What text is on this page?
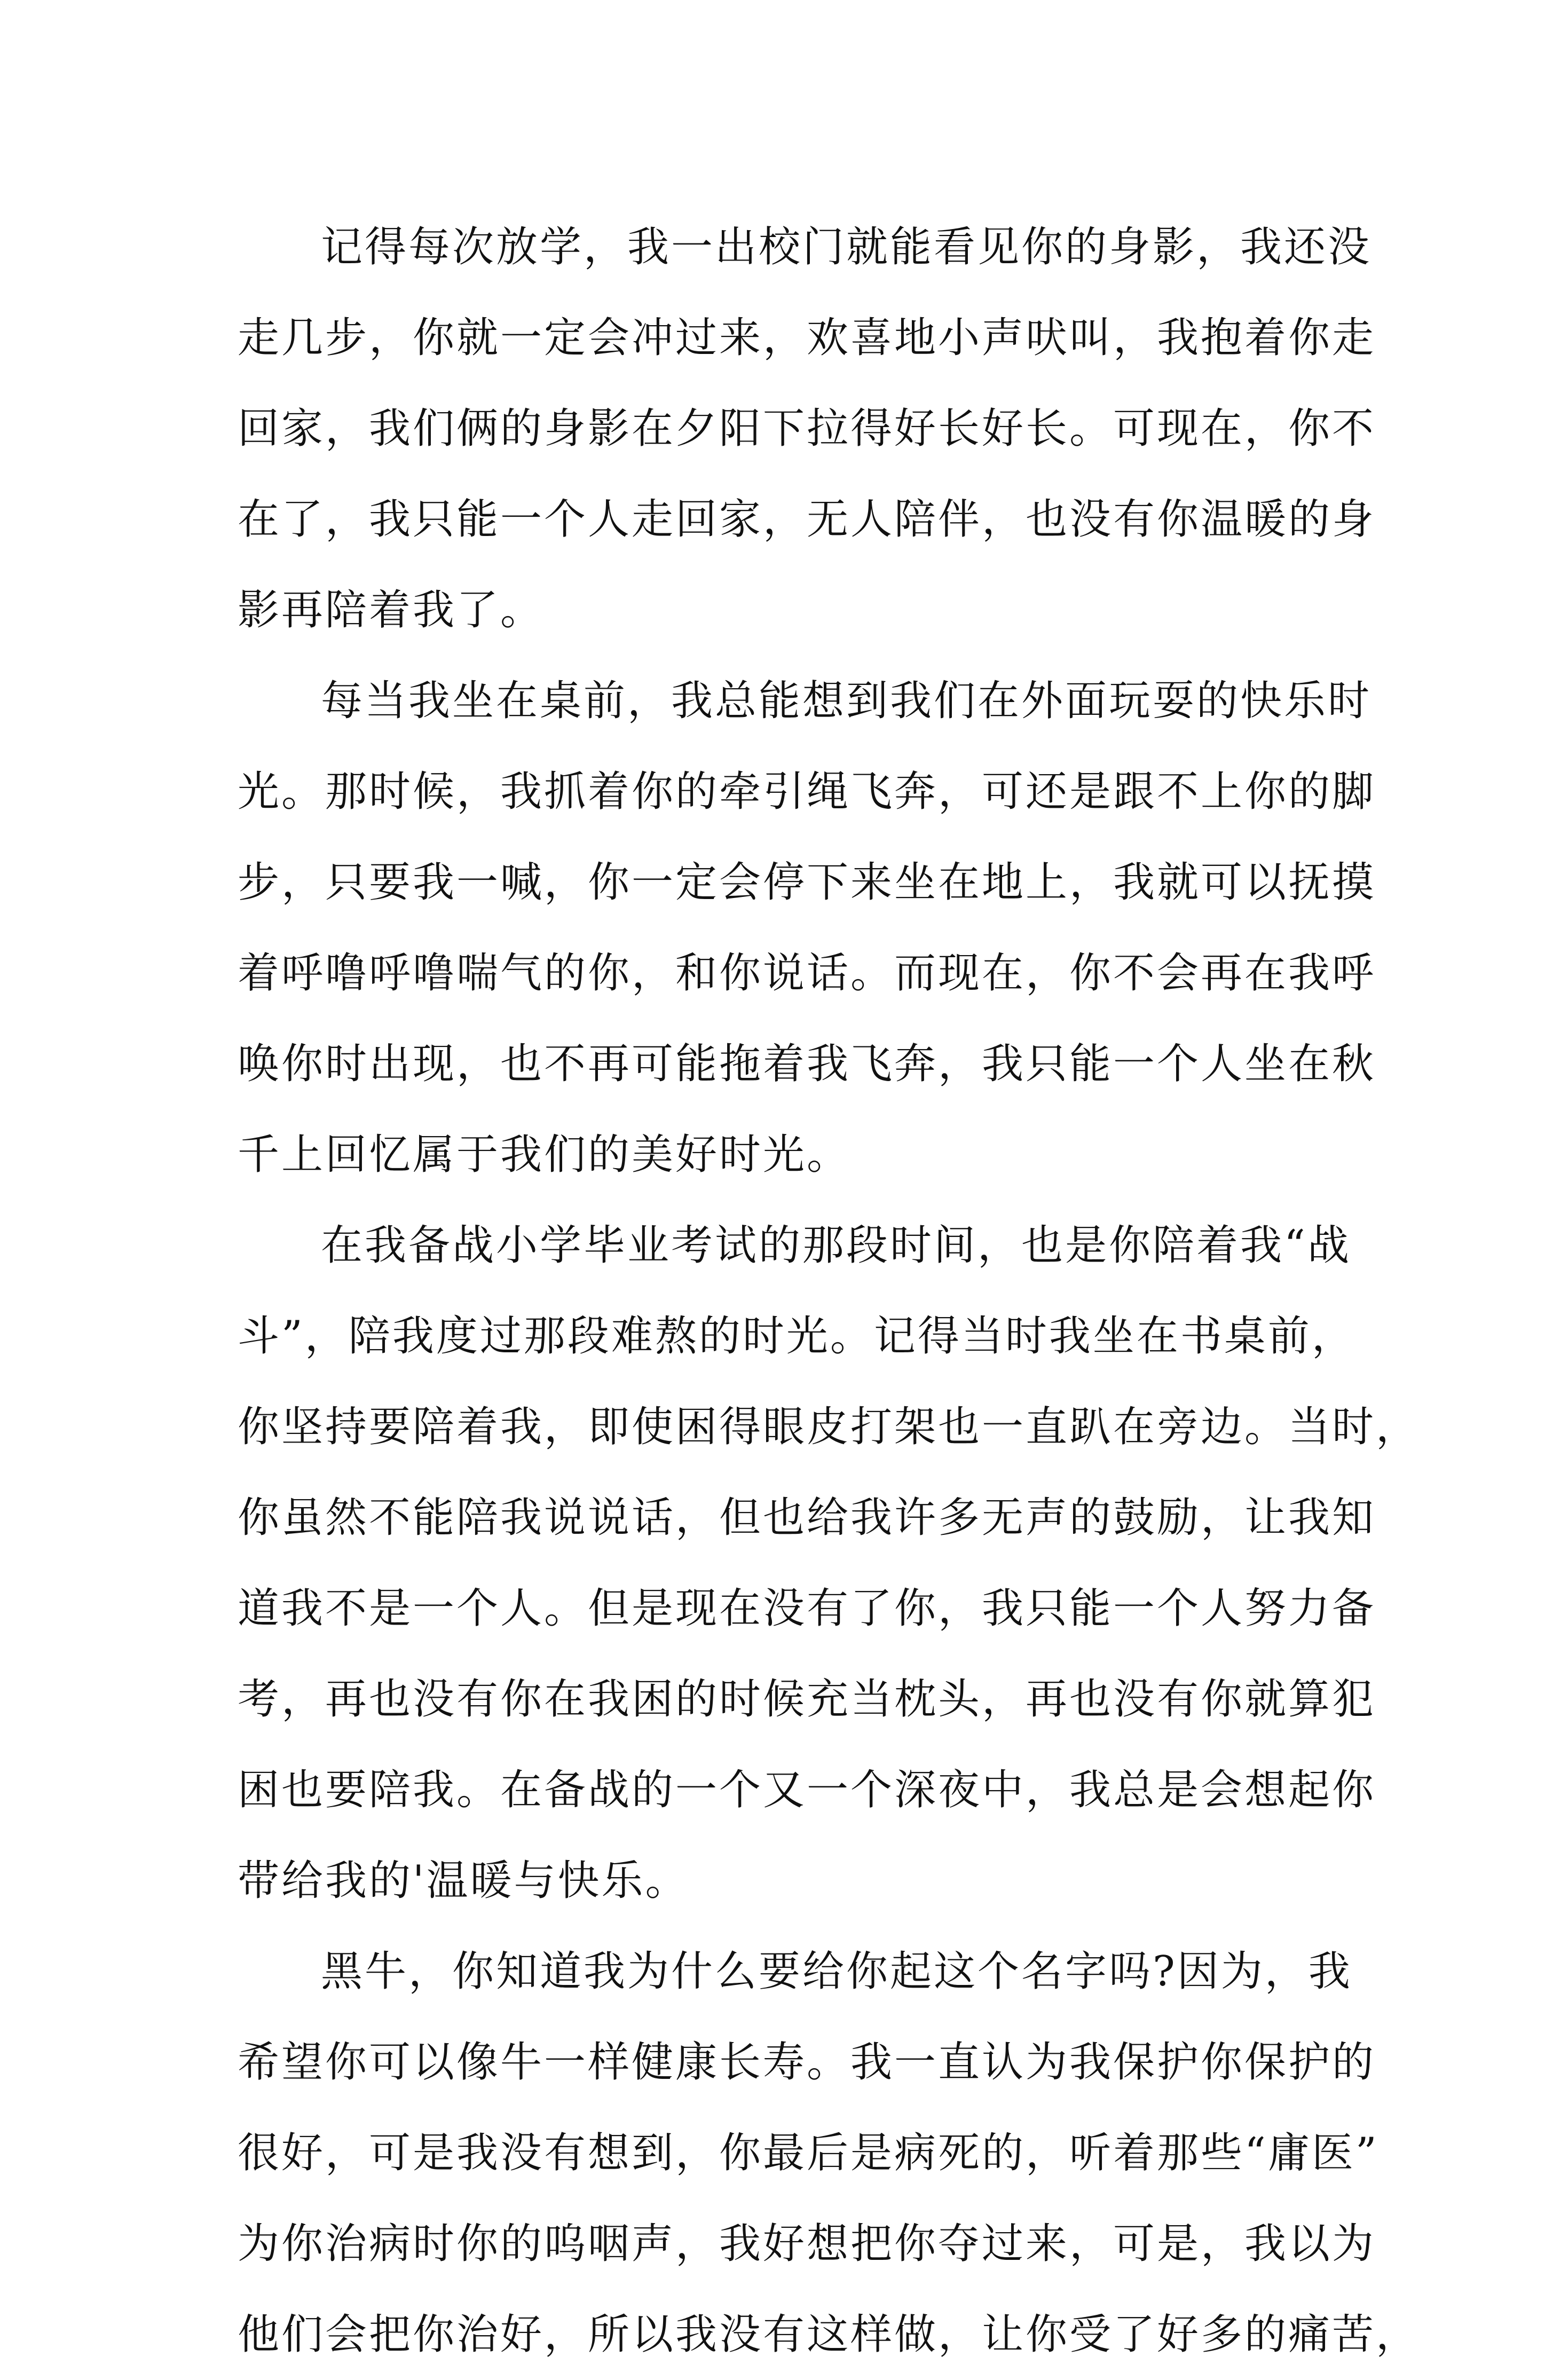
记得每次放学，我一出校门就能看见你的身影，我还没
走几步，你就一定会冲过来，欢喜地小声吠叫，我抱着你走
回家，我们俩的身影在夕阳下拉得好长好长。可现在，你不
在了，我只能一个人走回家，无人陪伴，也没有你温暖的身
影再陪着我了。

每当我坐在桌前，我总能想到我们在外面玩耍的快乐时
光。那时候，我抓着你的牵引绳飞奔，可还是跟不上你的脚
步，只要我一喊，你一定会停下来坐在地上，我就可以抚摸
着呼噜呼噜喘气的你，和你说话。而现在，你不会再在我呼
唤你时出现，也不再可能拖着我飞奔，我只能一个人坐在秋
千上回忆属于我们的美好时光。

在我备战小学毕业考试的那段时间，也是你陪着我“战
斗”，陪我度过那段难熬的时光。记得当时我坐在书桌前，
你坚持要陪着我，即使困得眼皮打架也一直趴在旁边。当时，
你虽然不能陪我说说话，但也给我许多无声的鼓励，让我知
道我不是一个人。但是现在没有了你，我只能一个人努力备
考，再也没有你在我困的时候充当枕头，再也没有你就算犯
困也要陪我。在备战的一个又一个深夜中，我总是会想起你
带给我的'温暖与快乐。

黑牛，你知道我为什么要给你起这个名字吗?因为，我
希望你可以像牛一样健康长寿。我一直认为我保护你保护的
很好，可是我没有想到，你最后是病死的，听着那些“庸医”
为你治病时你的呜咽声，我好想把你夺过来，可是，我以为
他们会把你治好，所以我没有这样做，让你受了好多的痛苦，
